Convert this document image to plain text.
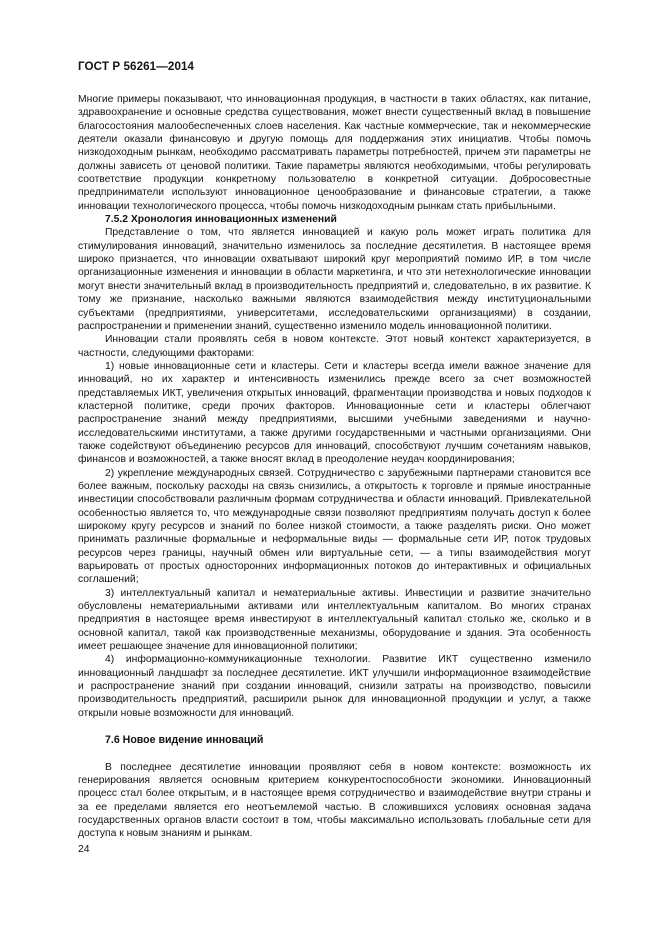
ГОСТ Р 56261—2014

Многие примеры показывают, что инновационная продукция, в частности в таких областях, как питание, здравоохранение и основные средства существования, может внести существенный вклад в повышение благосостояния малообеспеченных слоев населения. Как частные коммерческие, так и некоммерческие деятели оказали финансовую и другую помощь для поддержания этих инициатив. Чтобы помочь низкодоходным рынкам, необходимо рассматривать параметры потребностей, причем эти параметры не должны зависеть от ценовой политики. Такие параметры являются необходимыми, чтобы регулировать соответствие продукции конкретному пользователю в конкретной ситуации. Добросовестные предприниматели используют инновационное ценообразование и финансовые стратегии, а также инновации технологического процесса, чтобы помочь низкодоходным рынкам стать прибыльными.

7.5.2 Хронология инновационных изменений

Представление о том, что является инновацией и какую роль может играть политика для стимулирования инноваций, значительно изменилось за последние десятилетия. В настоящее время широко признается, что инновации охватывают широкий круг мероприятий помимо ИР, в том числе организационные изменения и инновации в области маркетинга, и что эти нетехнологические инновации могут внести значительный вклад в производительность предприятий и, следовательно, в их развитие. К тому же признание, насколько важными являются взаимодействия между институциональными субъектами (предприятиями, университетами, исследовательскими организациями) в создании, распространении и применении знаний, существенно изменило модель инновационной политики.

Инновации стали проявлять себя в новом контексте. Этот новый контекст характеризуется, в частности, следующими факторами:

1) новые инновационные сети и кластеры. Сети и кластеры всегда имели важное значение для инноваций, но их характер и интенсивность изменились прежде всего за счет возможностей представляемых ИКТ, увеличения открытых инноваций, фрагментации производства и новых подходов к кластерной политике, среди прочих факторов. Инновационные сети и кластеры облегчают распространение знаний между предприятиями, высшими учебными заведениями и научно-исследовательскими институтами, а также другими государственными и частными организациями. Они также содействуют объединению ресурсов для инноваций, способствуют лучшим сочетаниям навыков, финансов и возможностей, а также вносят вклад в преодоление неудач координирования;

2) укрепление международных связей. Сотрудничество с зарубежными партнерами становится все более важным, поскольку расходы на связь снизились, а открытость к торговле и прямые иностранные инвестиции способствовали различным формам сотрудничества и области инноваций. Привлекательной особенностью является то, что международные связи позволяют предприятиям получать доступ к более широкому кругу ресурсов и знаний по более низкой стоимости, а также разделять риски. Оно может принимать различные формальные и неформальные виды — формальные сети ИР, поток трудовых ресурсов через границы, научный обмен или виртуальные сети, — а типы взаимодействия могут варьировать от простых односторонних информационных потоков до интерактивных и официальных соглашений;

3) интеллектуальный капитал и нематериальные активы. Инвестиции и развитие значительно обусловлены нематериальными активами или интеллектуальным капиталом. Во многих странах предприятия в настоящее время инвестируют в интеллектуальный капитал столько же, сколько и в основной капитал, такой как производственные механизмы, оборудование и здания. Эта особенность имеет решающее значение для инновационной политики;

4) информационно-коммуникационные технологии. Развитие ИКТ существенно изменило инновационный ландшафт за последнее десятилетие. ИКТ улучшили информационное взаимодействие и распространение знаний при создании инноваций, снизили затраты на производство, повысили производительность предприятий, расширили рынок для инновационной продукции и услуг, а также открыли новые возможности для инноваций.

7.6 Новое видение инноваций

В последнее десятилетие инновации проявляют себя в новом контексте: возможность их генерирования является основным критерием конкурентоспособности экономики. Инновационный процесс стал более открытым, и в настоящее время сотрудничество и взаимодействие внутри страны и за ее пределами является его неотъемлемой частью. В сложившихся условиях основная задача государственных органов власти состоит в том, чтобы максимально использовать глобальные сети для доступа к новым знаниям и рынкам.

24
